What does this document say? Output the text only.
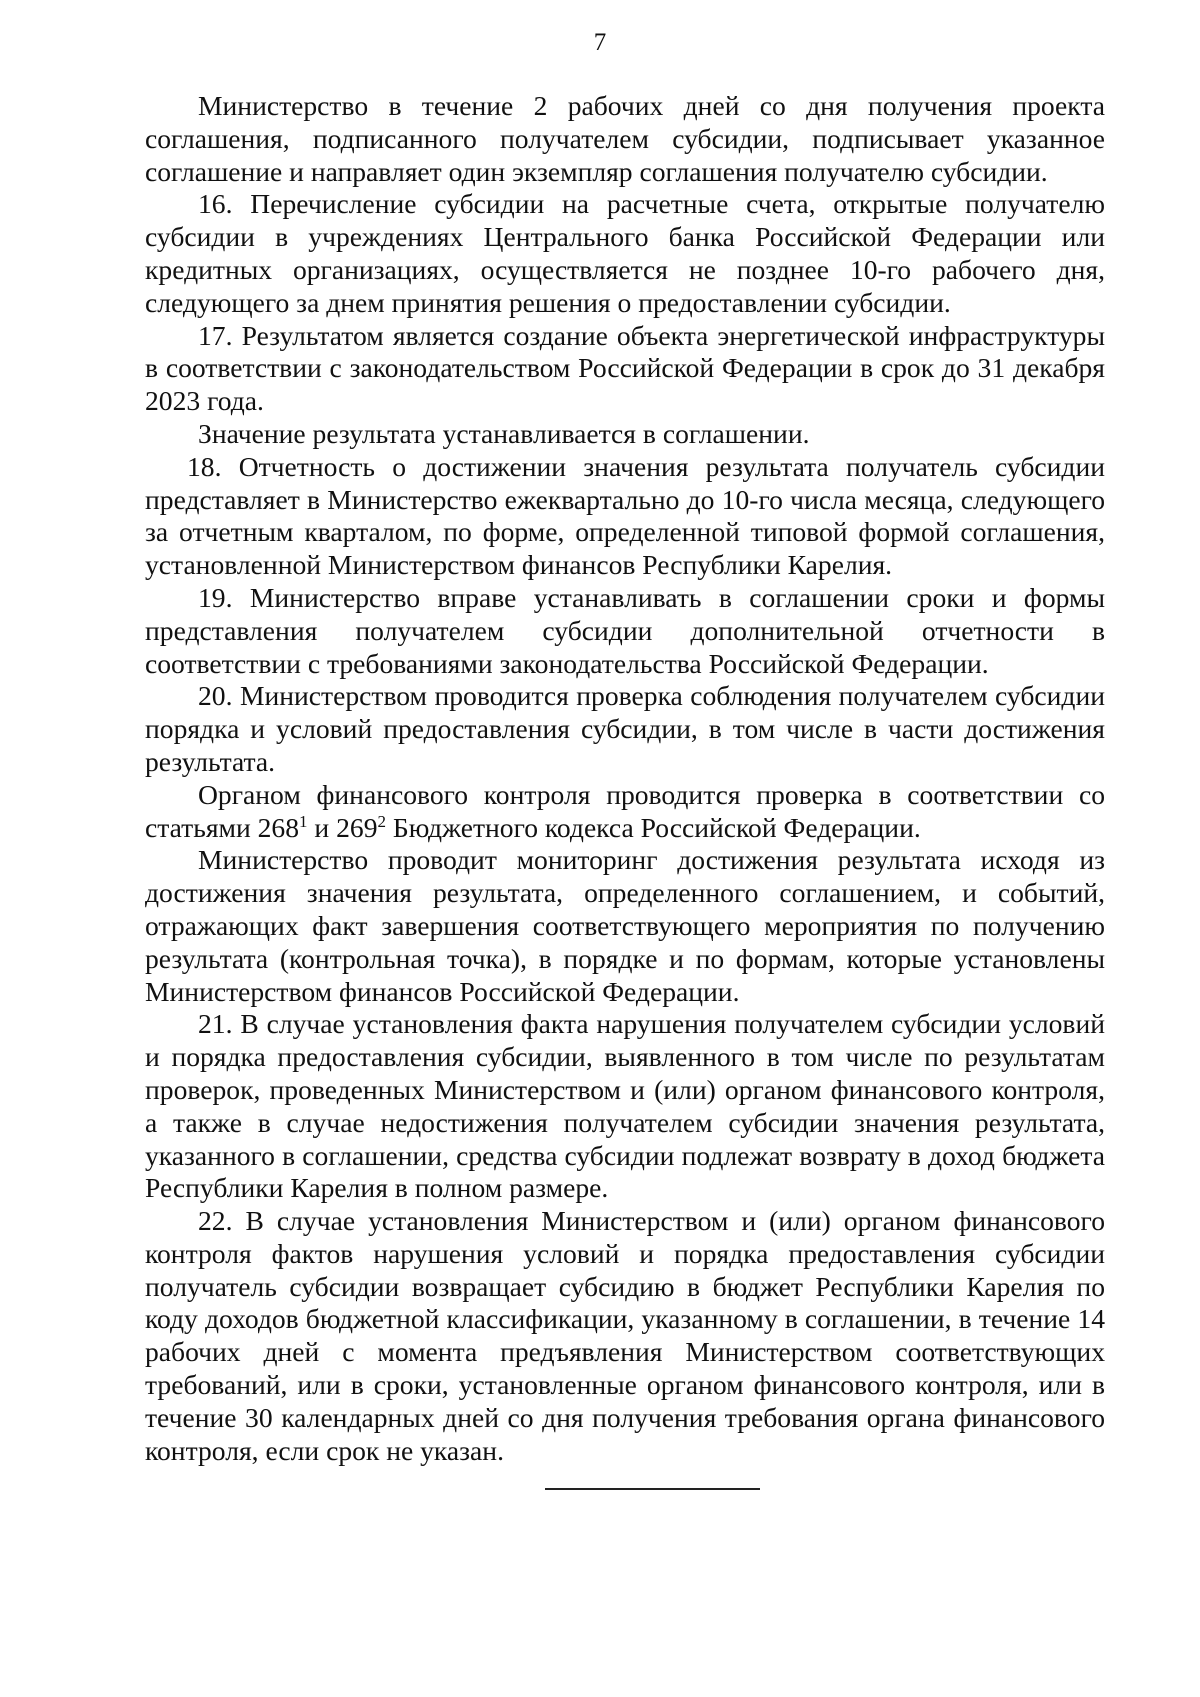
7

Министерство в течение 2 рабочих дней со дня получения проекта соглашения, подписанного получателем субсидии, подписывает указанное соглашение и направляет один экземпляр соглашения получателю субсидии.

16. Перечисление субсидии на расчетные счета, открытые получателю субсидии в учреждениях Центрального банка Российской Федерации или кредитных организациях, осуществляется не позднее 10-го рабочего дня, следующего за днем принятия решения о предоставлении субсидии.

17. Результатом является создание объекта энергетической инфраструктуры в соответствии с законодательством Российской Федерации в срок до 31 декабря 2023 года.

Значение результата устанавливается в соглашении.

18. Отчетность о достижении значения результата получатель субсидии представляет в Министерство ежеквартально до 10-го числа месяца, следующего за отчетным кварталом, по форме, определенной типовой формой соглашения, установленной Министерством финансов Республики Карелия.

19. Министерство вправе устанавливать в соглашении сроки и формы представления получателем субсидии дополнительной отчетности в соответствии с требованиями законодательства Российской Федерации.

20. Министерством проводится проверка соблюдения получателем субсидии порядка и условий предоставления субсидии, в том числе в части достижения результата.

Органом финансового контроля проводится проверка в соответствии со статьями $268^1$ и $269^2$ Бюджетного кодекса Российской Федерации.

Министерство проводит мониторинг достижения результата исходя из достижения значения результата, определенного соглашением, и событий, отражающих факт завершения соответствующего мероприятия по получению результата (контрольная точка), в порядке и по формам, которые установлены Министерством финансов Российской Федерации.

21. В случае установления факта нарушения получателем субсидии условий и порядка предоставления субсидии, выявленного в том числе по результатам проверок, проведенных Министерством и (или) органом финансового контроля, а также в случае недостижения получателем субсидии значения результата, указанного в соглашении, средства субсидии подлежат возврату в доход бюджета Республики Карелия в полном размере.

22. В случае установления Министерством и (или) органом финансового контроля фактов нарушения условий и порядка предоставления субсидии получатель субсидии возвращает субсидию в бюджет Республики Карелия по коду доходов бюджетной классификации, указанному в соглашении, в течение 14 рабочих дней с момента предъявления Министерством соответствующих требований, или в сроки, установленные органом финансового контроля, или в течение 30 календарных дней со дня получения требования органа финансового контроля, если срок не указан.
